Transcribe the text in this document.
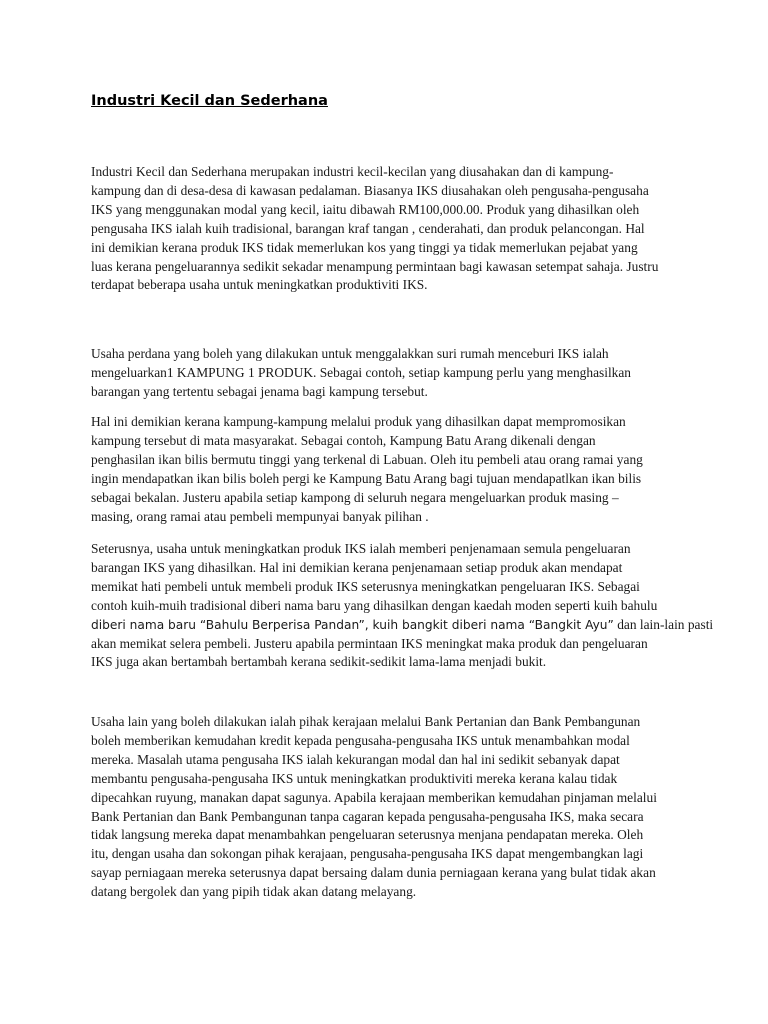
Industri Kecil dan Sederhana
Industri Kecil dan Sederhana merupakan industri kecil-kecilan yang diusahakan dan di kampung-
kampung dan di desa-desa di kawasan pedalaman. Biasanya IKS diusahakan oleh pengusaha-pengusaha
IKS yang menggunakan modal yang kecil, iaitu dibawah RM100,000.00. Produk yang dihasilkan oleh
pengusaha IKS ialah kuih tradisional, barangan kraf tangan , cenderahati, dan produk pelancongan. Hal
ini demikian kerana produk IKS tidak memerlukan kos yang tinggi ya tidak memerlukan pejabat yang
luas kerana pengeluarannya sedikit sekadar menampung permintaan bagi kawasan setempat sahaja. Justru
terdapat beberapa usaha untuk meningkatkan produktiviti IKS.
Usaha perdana yang boleh yang dilakukan untuk menggalakkan suri rumah menceburi IKS ialah
mengeluarkan1 KAMPUNG 1 PRODUK. Sebagai contoh, setiap kampung perlu yang menghasilkan
barangan yang tertentu sebagai jenama bagi kampung tersebut.
Hal ini demikian kerana kampung-kampung melalui produk yang dihasilkan dapat mempromosikan
kampung tersebut di mata masyarakat. Sebagai contoh, Kampung Batu Arang dikenali dengan
penghasilan ikan bilis bermutu tinggi yang terkenal di Labuan. Oleh itu pembeli atau orang ramai yang
ingin mendapatkan ikan bilis boleh pergi ke Kampung Batu Arang bagi tujuan mendapatlkan ikan bilis
sebagai bekalan. Justeru apabila setiap kampong di seluruh negara mengeluarkan produk masing –
masing, orang ramai atau pembeli mempunyai banyak pilihan .
Seterusnya, usaha untuk meningkatkan produk IKS ialah memberi penjenamaan semula pengeluaran
barangan IKS yang dihasilkan. Hal ini demikian kerana penjenamaan setiap produk akan mendapat
memikat hati pembeli untuk membeli produk IKS seterusnya meningkatkan pengeluaran IKS. Sebagai
contoh kuih-muih tradisional diberi nama baru yang dihasilkan dengan kaedah moden seperti kuih bahulu
diberi nama baru “Bahulu Berperisa Pandan”, kuih bangkit diberi nama “Bangkit Ayu” dan lain-lain pasti
akan memikat selera pembeli. Justeru apabila permintaan IKS meningkat maka produk dan pengeluaran
IKS juga akan bertambah bertambah kerana sedikit-sedikit lama-lama menjadi bukit.
Usaha lain yang boleh dilakukan ialah pihak kerajaan melalui Bank Pertanian dan Bank Pembangunan
boleh memberikan kemudahan kredit kepada pengusaha-pengusaha IKS untuk menambahkan modal
mereka. Masalah utama pengusaha IKS ialah kekurangan modal dan hal ini sedikit sebanyak dapat
membantu pengusaha-pengusaha IKS untuk meningkatkan produktiviti mereka kerana kalau tidak
dipecahkan ruyung, manakan dapat sagunya. Apabila kerajaan memberikan kemudahan pinjaman melalui
Bank Pertanian dan Bank Pembangunan tanpa cagaran kepada pengusaha-pengusaha IKS, maka secara
tidak langsung mereka dapat menambahkan pengeluaran seterusnya menjana pendapatan mereka. Oleh
itu, dengan usaha dan sokongan pihak kerajaan, pengusaha-pengusaha IKS dapat mengembangkan lagi
sayap perniagaan mereka seterusnya dapat bersaing dalam dunia perniagaan kerana yang bulat tidak akan
datang bergolek dan yang pipih tidak akan datang melayang.
